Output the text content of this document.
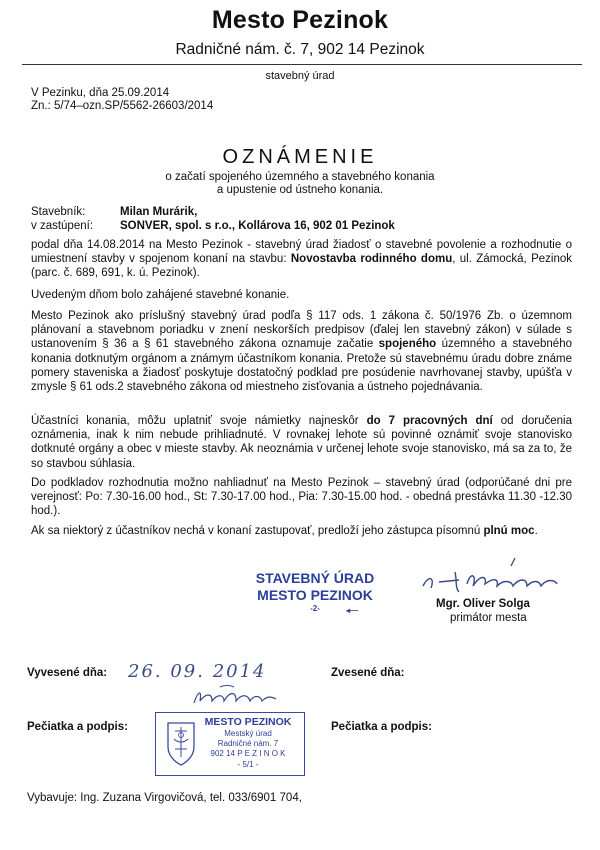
Mesto Pezinok
Radničné nám. č. 7, 902 14 Pezinok
stavebný úrad
V Pezinku, dňa 25.09.2014
Zn.: 5/74–ozn.SP/5562-26603/2014
OZNÁMENIE
o začatí spojeného územného a stavebného konania
a upustenie od ústneho konania.
Stavebník:	Milan Murárik,
v zastúpení: SONVER, spol. s r.o., Kollárova 16, 902 01 Pezinok
podal dňa 14.08.2014 na Mesto Pezinok - stavebný úrad žiadosť o stavebné povolenie a rozhodnutie o umiestnení stavby v spojenom konaní na stavbu: Novostavba rodinného domu, ul. Zámocká, Pezinok (parc. č. 689, 691, k. ú. Pezinok).
Uvedeným dňom bolo zahájené stavebné konanie.
Mesto Pezinok ako príslušný stavebný úrad podľa § 117 ods. 1 zákona č. 50/1976 Zb. o územnom plánovaní a stavebnom poriadku v znení neskorších predpisov (ďalej len stavebný zákon) v súlade s ustanovením § 36 a § 61 stavebného zákona oznamuje začatie spojeného územného a stavebného konania dotknutým orgánom a známym účastníkom konania. Pretože sú stavebnému úradu dobre známe pomery staveniska a žiadosť poskytuje dostatočný podklad pre posúdenie navrhovanej stavby, upúšťa v zmysle § 61 ods.2 stavebného zákona od miestneho zisťovania a ústneho pojednávania.
Účastníci konania, môžu uplatniť svoje námietky najneskôr do 7 pracovných dní od doručenia oznámenia, inak k nim nebude prihliadnuté. V rovnakej lehote sú povinné oznámiť svoje stanovisko dotknuté orgány a obec v mieste stavby. Ak neoznámia v určenej lehote svoje stanovisko, má sa za to, že so stavbou súhlasia.
Do podkladov rozhodnutia možno nahliadnuť na Mesto Pezinok – stavebný úrad (odporúčané dni pre verejnosť: Po: 7.30-16.00 hod., St: 7.30-17.00 hod., Pia: 7.30-15.00 hod. - obedná prestávka 11.30 -12.30 hod.).
Ak sa niektorý z účastníkov nechá v konaní zastupovať, predloží jeho zástupca písomnú plnú moc.
STAVEBNÝ ÚRAD
MESTO PEZINOK
-2-	◂—
Mgr. Oliver Solga
primátor mesta
Vyvesené dňa: 26. 09. 2014	Zvesené dňa:
Pečiatka a podpis:	Pečiatka a podpis:
MESTO PEZINOK
Mestský úrad
Radničné nám. 7
902 14 P E Z I N O K
- 5/1 -
Vybavuje: Ing. Zuzana Virgovičová, tel. 033/6901 704,
